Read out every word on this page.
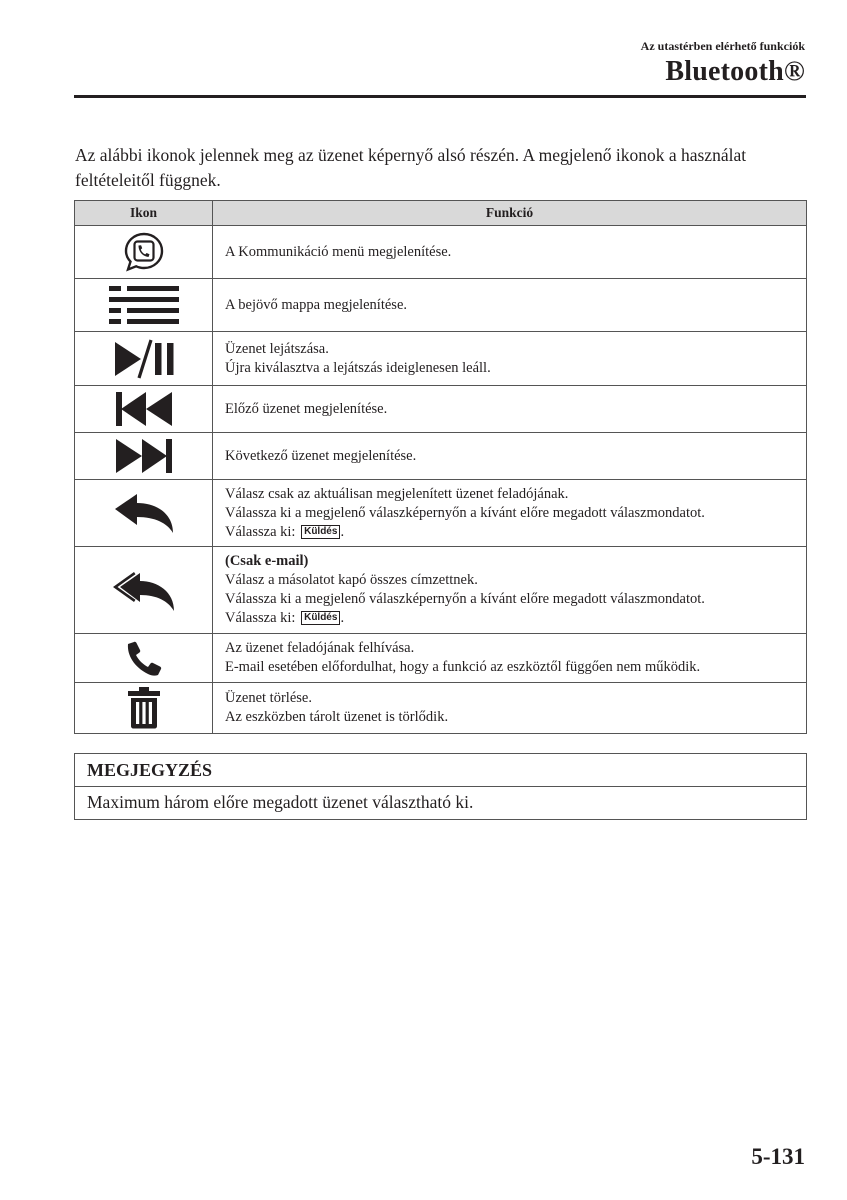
Az utastérben elérhető funkciók
Bluetooth®
Az alábbi ikonok jelennek meg az üzenet képernyő alsó részén. A megjelenő ikonok a használat feltételeitől függnek.
Ikon	Funkció

A Kommunikáció menü megjelenítése.

A bejövő mappa megjelenítése.

Üzenet lejátszása.
Újra kiválasztva a lejátszás ideiglenesen leáll.

Előző üzenet megjelenítése.

Következő üzenet megjelenítése.

Válasz csak az aktuálisan megjelenített üzenet feladójának.
Válassza ki a megjelenő válaszképernyőn a kívánt előre megadott válaszmondatot.
Válassza ki: Küldés .

(Csak e-mail)
Válasz a másolatot kapó összes címzettnek.
Válassza ki a megjelenő válaszképernyőn a kívánt előre megadott válaszmondatot.
Válassza ki: Küldés .

Az üzenet feladójának felhívása.
E-mail esetében előfordulhat, hogy a funkció az eszköztől függően nem működik.

Üzenet törlése.
Az eszközben tárolt üzenet is törlődik.
MEGJEGYZÉS
Maximum három előre megadott üzenet választható ki.
5-131
